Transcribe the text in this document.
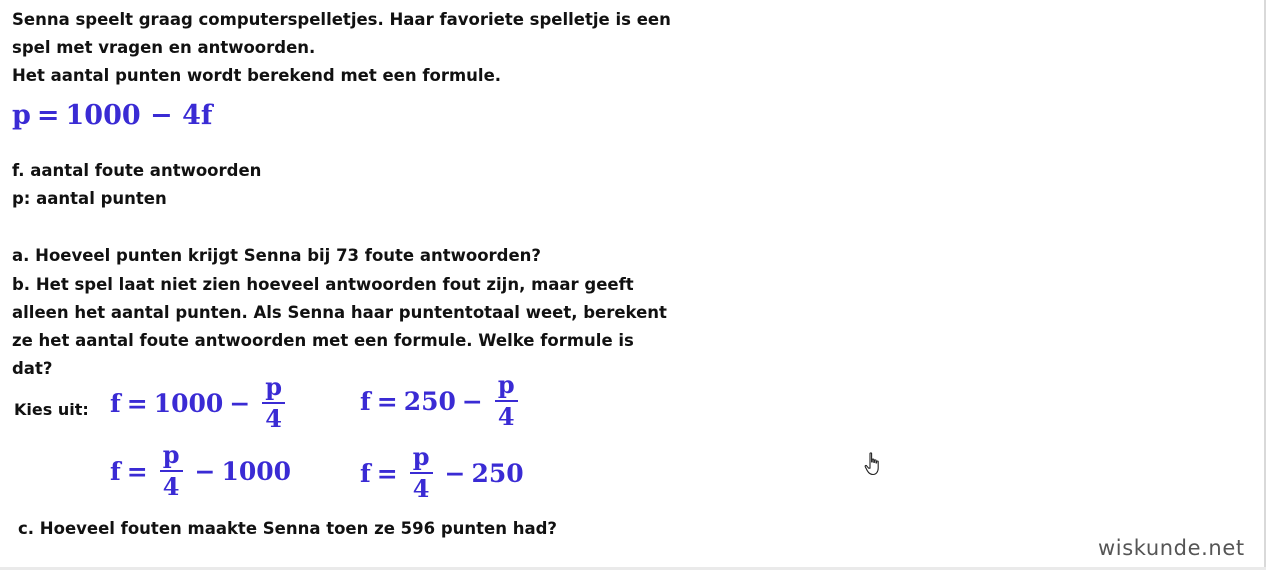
Senna speelt graag computerspelletjes. Haar favoriete spelletje is een
spel met vragen en antwoorden.
Het aantal punten wordt berekend met een formule.
p = 1000 − 4f
f. aantal foute antwoorden
p: aantal punten
a. Hoeveel punten krijgt Senna bij 73 foute antwoorden?
b. Het spel laat niet zien hoeveel antwoorden fout zijn, maar geeft
alleen het aantal punten. Als Senna haar puntentotaal weet, berekent
ze het aantal foute antwoorden met een formule. Welke formule is
dat?
Kies uit: $f = 1000 - \frac{p}{4}$	$f = 250 - \frac{p}{4}$
$f = \frac{p}{4} - 1000$	$f = \frac{p}{4} - 250$
c. Hoeveel fouten maakte Senna toen ze 596 punten had?
wiskunde.net
